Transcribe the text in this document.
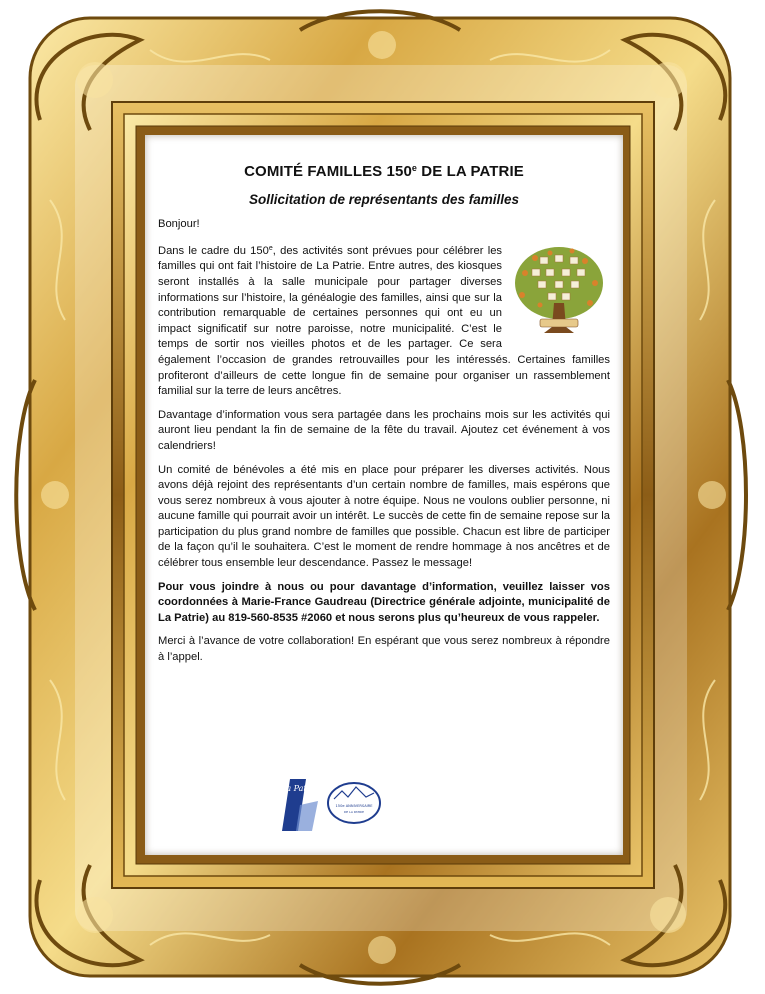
COMITÉ FAMILLES 150e DE LA PATRIE
Sollicitation de représentants des familles

Bonjour!

Dans le cadre du 150e, des activités sont prévues pour célébrer les familles qui ont fait l’histoire de La Patrie. Entre autres, des kiosques seront installés à la salle municipale pour partager diverses informations sur l’histoire, la généalogie des familles, ainsi que sur la contribution remarquable de certaines personnes qui ont eu un impact significatif sur notre paroisse, notre municipalité. C’est le temps de sortir nos vieilles photos et de les partager. Ce sera également l’occasion de grandes retrouvailles pour les intéressés. Certaines familles profiteront d’ailleurs de cette longue fin de semaine pour organiser un rassemblement familial sur la terre de leurs ancêtres.

Davantage d’information vous sera partagée dans les prochains mois sur les activités qui auront lieu pendant la fin de semaine de la fête du travail. Ajoutez cet événement à vos calendriers!

Un comité de bénévoles a été mis en place pour préparer les diverses activités. Nous avons déjà rejoint des représentants d’un certain nombre de familles, mais espérons que vous serez nombreux à vous ajouter à notre équipe. Nous ne voulons oublier personne, ni aucune famille qui pourrait avoir un intérêt. Le succès de cette fin de semaine repose sur la participation du plus grand nombre de familles que possible. Chacun est libre de participer de la façon qu’il le souhaitera. C’est le moment de rendre hommage à nos ancêtres et de célébrer tous ensemble leur descendance. Passez le message!

Pour vous joindre à nous ou pour davantage d’information, veuillez laisser vos coordonnées à Marie-France Gaudreau (Directrice générale adjointe, municipalité de La Patrie) au 819-560-8535 #2060 et nous serons plus qu’heureux de vous rappeler.

Merci à l’avance de votre collaboration! En espérant que vous serez nombreux à répondre à l’appel.

La Patrie
150e ANNIVERSAIRE
DE LA PATRIE
